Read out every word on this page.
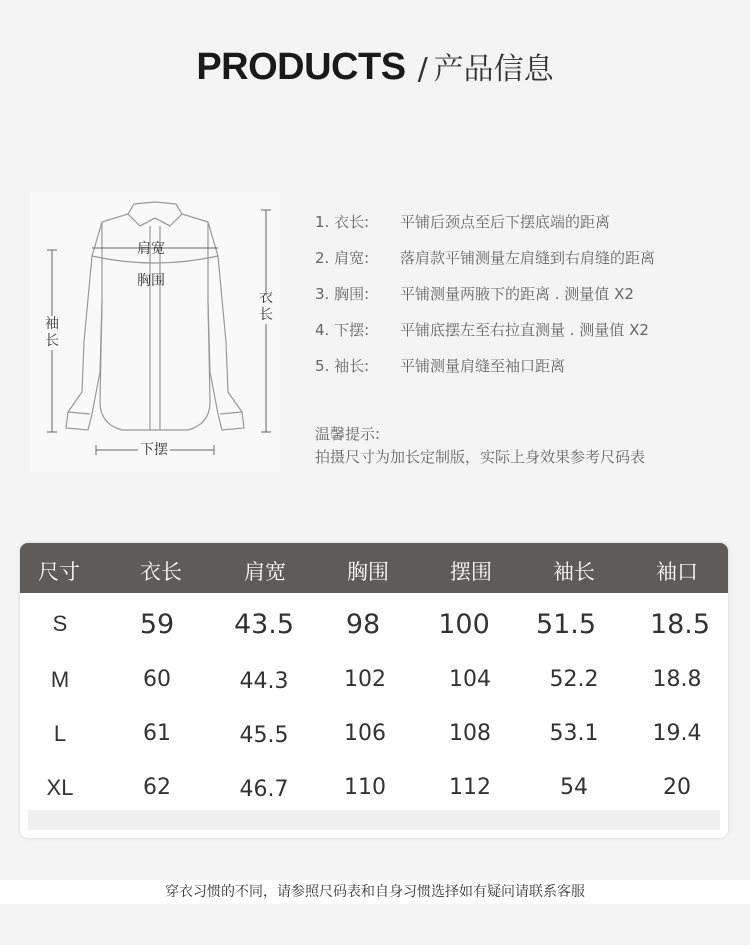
PRODUCTS / 产品信息
肩宽
胸围
衣长
袖长
下摆
1. 衣长:	平铺后颈点至后下摆底端的距离
2. 肩宽:	落肩款平铺测量左肩缝到右肩缝的距离
3. 胸围:	平铺测量两腋下的距离 . 测量值 X2
4. 下摆:	平铺底摆左至右拉直测量 . 测量值 X2
5. 袖长:	平铺测量肩缝至袖口距离
温馨提示:
拍摄尺寸为加长定制版，实际上身效果参考尺码表
尺寸	衣长	肩宽	胸围	摆围	袖长	袖口
S	59	43.5	98	100	51.5	18.5
M	60	44.3	102	104	52.2	18.8
L	61	45.5	106	108	53.1	19.4
XL	62	46.7	110	112	54	20
穿衣习惯的不同，请参照尺码表和自身习惯选择如有疑问请联系客服
